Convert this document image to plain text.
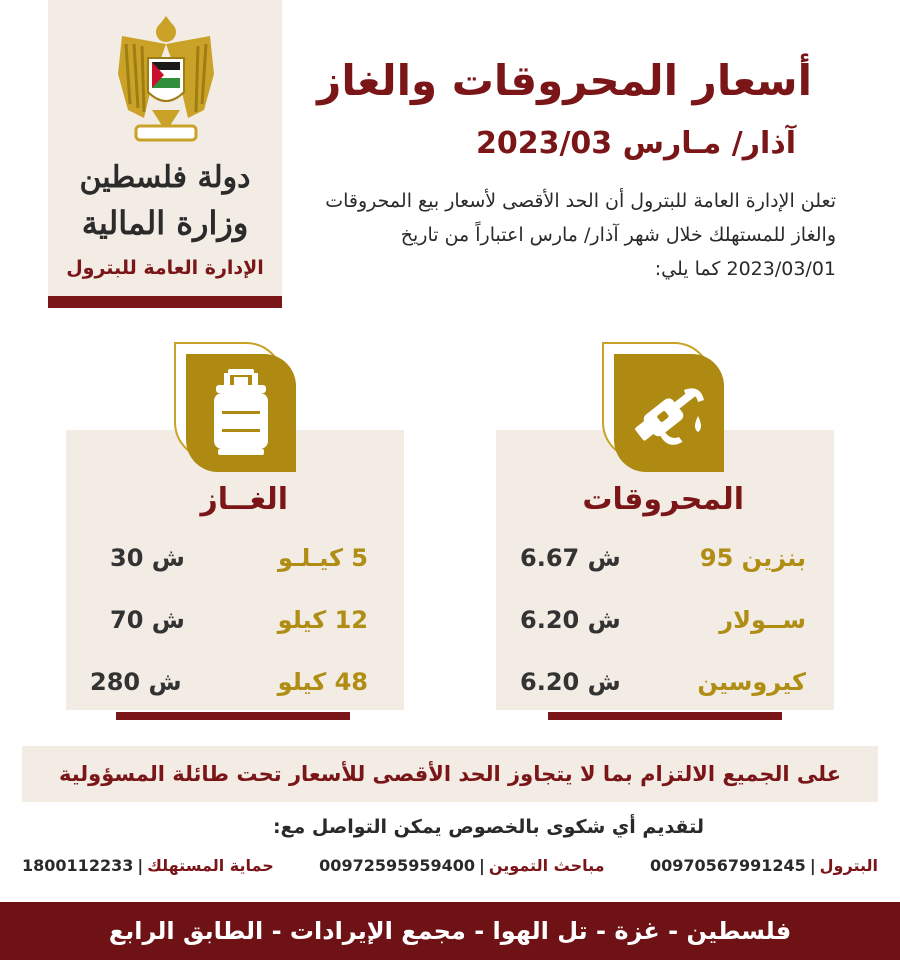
دولة فلسطين
وزارة المالية
الإدارة العامة للبترول
أسعار المحروقات والغاز
آذار/ مـارس 2023/03
تعلن الإدارة العامة للبترول أن الحد الأقصى لأسعار بيع المحروقات والغاز للمستهلك خلال شهر آذار/ مارس اعتباراً من تاريخ 2023/03/01 كما يلي:
المحروقات
بنزين 95
6.67 ش
ســولار
6.20 ش
كيروسين
6.20 ش
الغــاز
5 كيـلـو
30 ش
12 كيلو
70 ش
48 كيلو
280 ش
على الجميع الالتزام بما لا يتجاوز الحد الأقصى للأسعار تحت طائلة المسؤولية
لتقديم أي شكوى بالخصوص يمكن التواصل مع:
البترول|00970567991245
مباحث التموين|00972595959400
حماية المستهلك|1800112233
فلسطين - غزة - تل الهوا - مجمع الإيرادات - الطابق الرابع
